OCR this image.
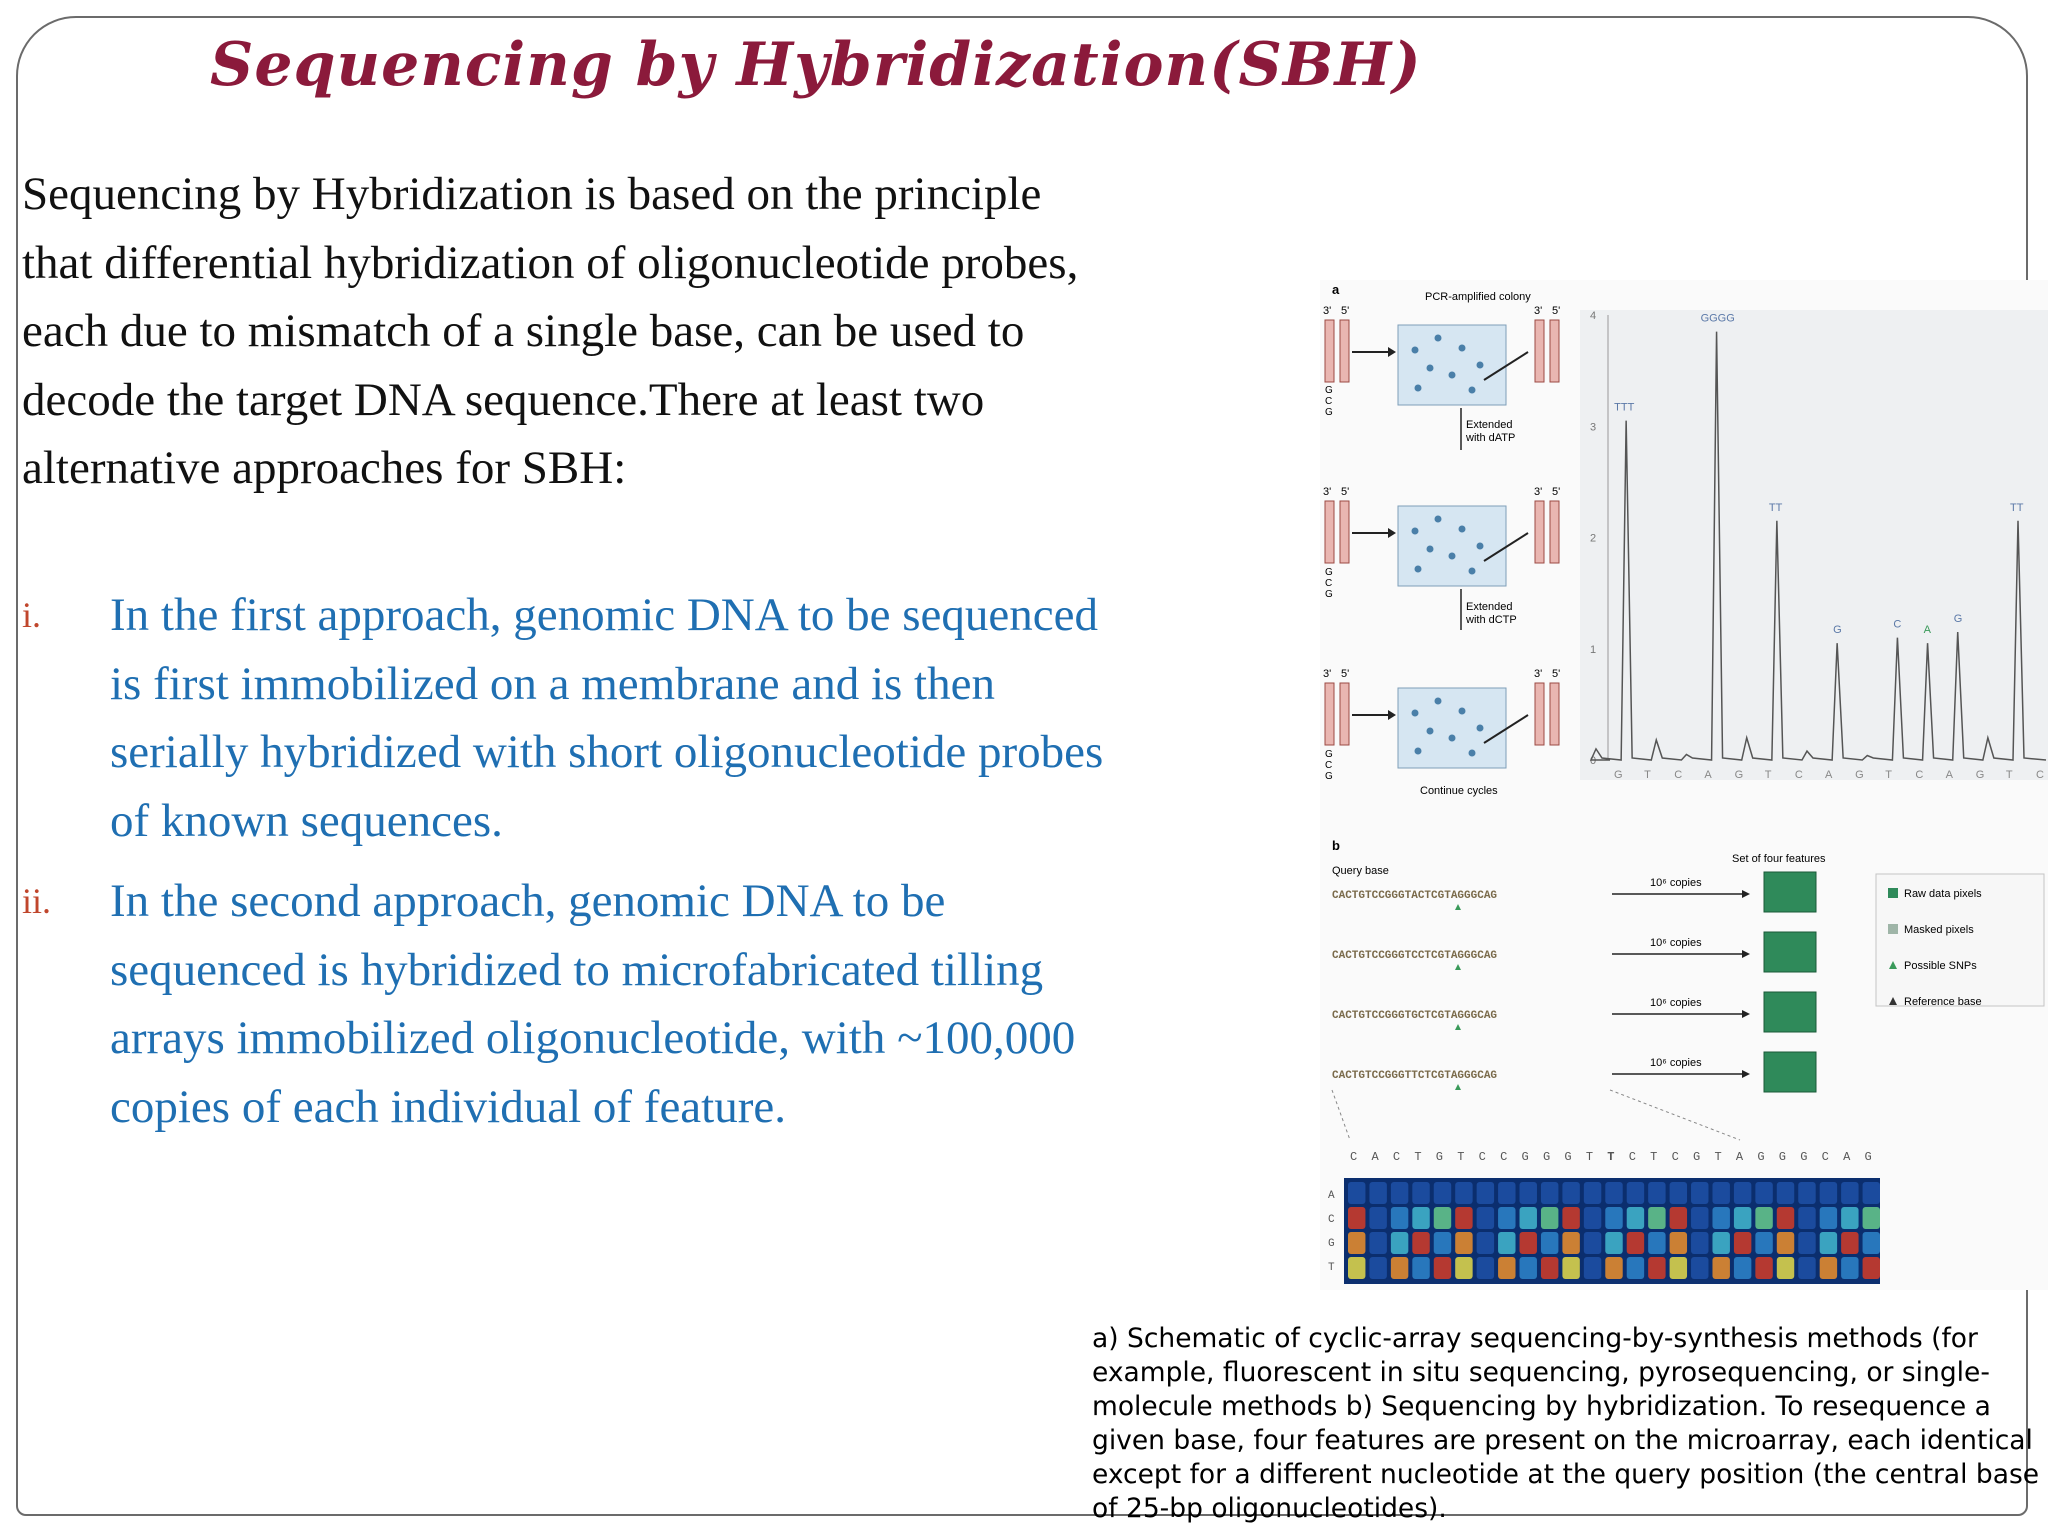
Sequencing by Hybridization(SBH)

Sequencing by Hybridization is based on the principle that differential hybridization of oligonucleotide probes, each due to mismatch of a single base, can be used to decode the target DNA sequence.There at least two alternative approaches for SBH:

i. In the first approach, genomic DNA to be sequenced is first immobilized on a membrane and is then serially hybridized with short oligonucleotide probes of known sequences.
ii. In the second approach, genomic DNA to be sequenced is hybridized to microfabricated tilling arrays immobilized oligonucleotide, with ~100,000 copies of each individual of feature.
a
3' 5'
G
C
G
PCR-amplified colony
3' 5'
Extended
with dATP
3' 5'
G
C
G
3' 5'
Extended
with dCTP
3' 5'
G
C
G
3' 5'
Continue cycles
4
3
2
1
0
G T C A G T C A G T C A G T C
TTT
GGGG
TT	TT
G	C A
G
b
Query base
Set of four features
CACTGTCCGGGTACTCGTAGGGCAG
10⁶ copies
CACTGTCCGGGTCCTCGTAGGGCAG
10⁶ copies
CACTGTCCGGGTGCTCGTAGGGCAG
10⁶ copies
CACTGTCCGGGTTCTCGTAGGGCAG
10⁶ copies
Raw data pixels
Masked pixels
Possible SNPs
Reference base
C A C T G T C C G G G T T C T C G T A G G G C A G
A
C
G
T

a) Schematic of cyclic-array sequencing-by-synthesis methods (for example, fluorescent in situ sequencing, pyrosequencing, or single-molecule methods b) Sequencing by hybridization. To resequence a given base, four features are present on the microarray, each identical except for a different nucleotide at the query position (the central base of 25-bp oligonucleotides).
